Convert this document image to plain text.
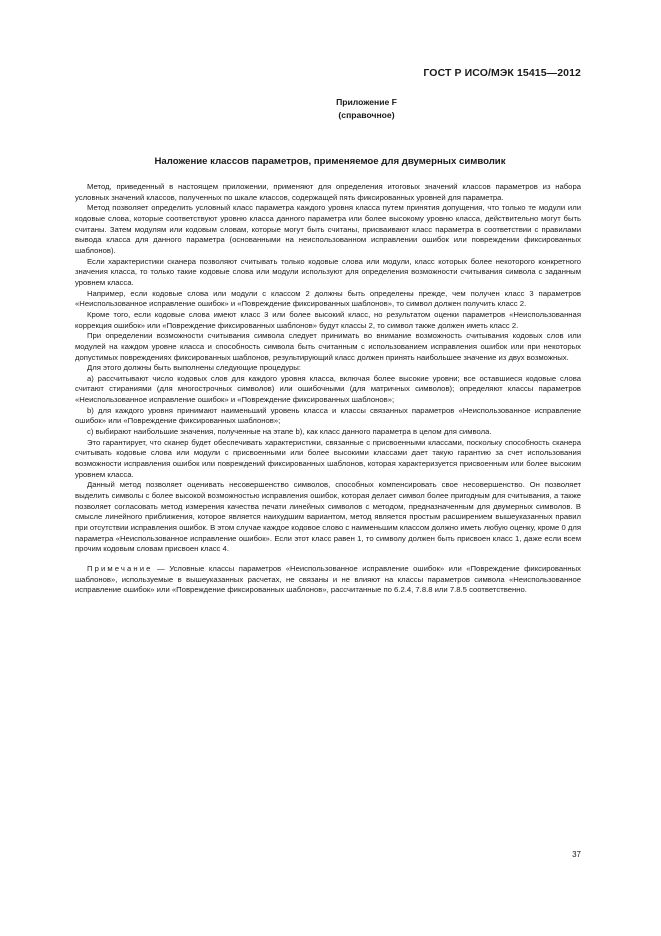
ГОСТ Р ИСО/МЭК 15415—2012
Приложение F
(справочное)
Наложение классов параметров, применяемое для двумерных символик

Метод, приведенный в настоящем приложении, применяют для определения итоговых значений классов параметров из набора условных значений классов, полученных по шкале классов, содержащей пять фиксированных уровней для параметра.

Метод позволяет определить условный класс параметра каждого уровня класса путем принятия допущения, что только те модули или кодовые слова, которые соответствуют уровню класса данного параметра или более высокому уровню класса, действительно могут быть считаны. Затем модулям или кодовым словам, которые могут быть считаны, присваивают класс параметра в соответствии с правилами вывода класса для данного параметра (основанными на неиспользованном исправлении ошибок или повреждении фиксированных шаблонов).

Если характеристики сканера позволяют считывать только кодовые слова или модули, класс которых более некоторого конкретного значения класса, то только такие кодовые слова или модули используют для определения возможности считывания символа с заданным уровнем класса.

Например, если кодовые слова или модули с классом 2 должны быть определены прежде, чем получен класс 3 параметров «Неиспользованное исправление ошибок» и «Повреждение фиксированных шаблонов», то символ должен получить класс 2.

Кроме того, если кодовые слова имеют класс 3 или более высокий класс, но результатом оценки параметров «Неиспользованная коррекция ошибок» или «Повреждение фиксированных шаблонов» будут классы 2, то символ также должен иметь класс 2.

При определении возможности считывания символа следует принимать во внимание возможность считывания кодовых слов или модулей на каждом уровне класса и способность символа быть считанным с использованием исправления ошибок или при некоторых допустимых повреждениях фиксированных шаблонов, результирующий класс должен принять наибольшее значение из двух возможных.

Для этого должны быть выполнены следующие процедуры:

a) рассчитывают число кодовых слов для каждого уровня класса, включая более высокие уровни; все оставшиеся кодовые слова считают стираниями (для многострочных символов) или ошибочными (для матричных символов); определяют классы параметров «Неиспользованное исправление ошибок» и «Повреждение фиксированных шаблонов»;

b) для каждого уровня принимают наименьший уровень класса и классы связанных параметров «Неиспользованное исправление ошибок» или «Повреждение фиксированных шаблонов»;

c) выбирают наибольшие значения, полученные на этапе b), как класс данного параметра в целом для символа.

Это гарантирует, что сканер будет обеспечивать характеристики, связанные с присвоенными классами, поскольку способность сканера считывать кодовые слова или модули с присвоенными или более высокими классами дает такую гарантию за счет использования возможности исправления ошибок или повреждений фиксированных шаблонов, которая характеризуется присвоенным или более высоким уровнем класса.

Данный метод позволяет оценивать несовершенство символов, способных компенсировать свое несовершенство. Он позволяет выделить символы с более высокой возможностью исправления ошибок, которая делает символ более пригодным для считывания, а также позволяет согласовать метод измерения качества печати линейных символов с методом, предназначенным для двумерных символов. В смысле линейного приближения, которое является наихудшим вариантом, метод является простым расширением вышеуказанных правил при отсутствии исправления ошибок. В этом случае каждое кодовое слово с наименьшим классом должно иметь любую оценку, кроме 0 для параметра «Неиспользованное исправление ошибок». Если этот класс равен 1, то символу должен быть присвоен класс 1, даже если всем прочим кодовым словам присвоен класс 4.

Примечание — Условные классы параметров «Неиспользованное исправление ошибок» или «Повреждение фиксированных шаблонов», используемые в вышеуказанных расчетах, не связаны и не влияют на классы параметров символа «Неиспользованное исправление ошибок» или «Повреждение фиксированных шаблонов», рассчитанные по 6.2.4, 7.8.8 или 7.8.5 соответственно.

37
